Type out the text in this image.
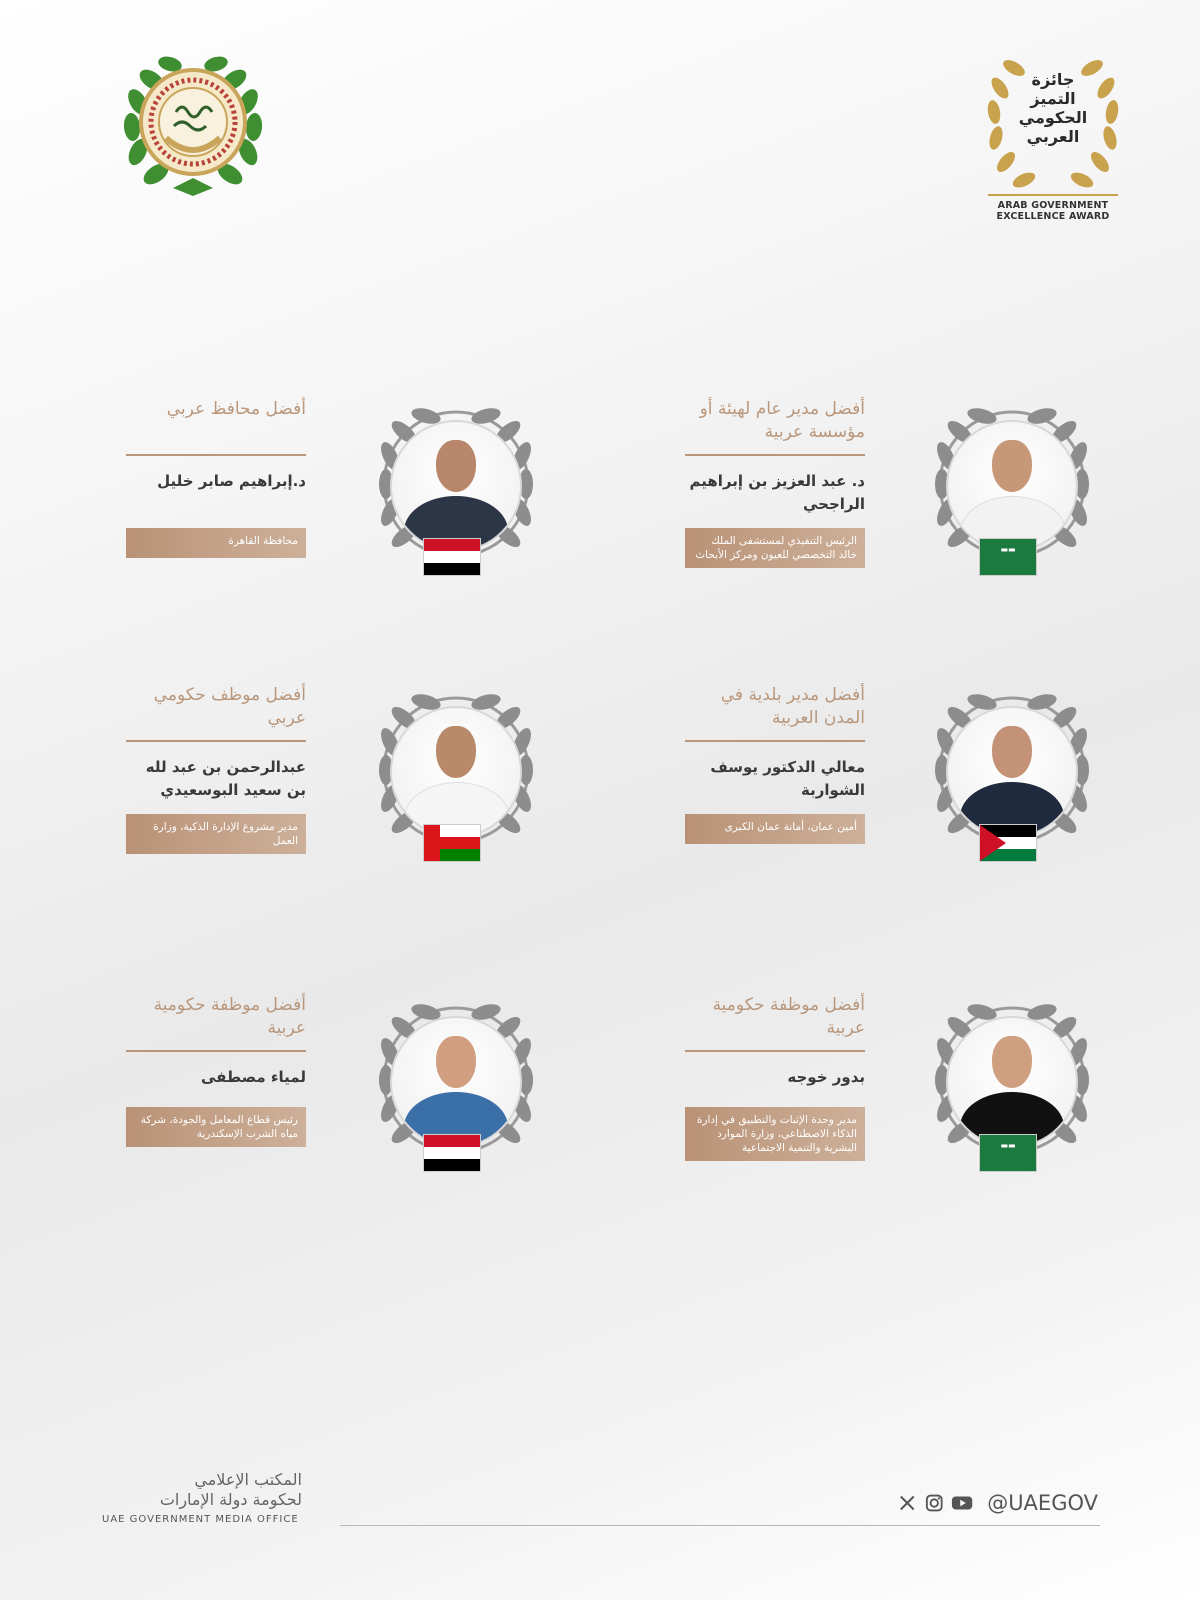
جائزة
التميز
الحكومي
العربي
ARAB GOVERNMENT EXCELLENCE AWARD
أفضل مدير عام لهيئة أو مؤسسة عربية
د. عبد العزيز بن إبراهيم الراجحي
الرئيس التنفيذي لمستشفى الملك خالد التخصصي للعيون ومركز الأبحاث	▬▬
أفضل محافظ عربي
د.إبراهيم صابر خليل
محافظة القاهرة
أفضل مدير بلدية في المدن العربية
معالي الدكتور يوسف الشواربة
أمين عمان، أمانة عمان الكبرى
أفضل موظف حكومي عربي
عبدالرحمن بن عبد لله بن سعيد البوسعيدي
مدير مشروع الإدارة الذكية، وزارة العمل
أفضل موظفة حكومية عربية
بدور خوجه
مدير وحدة الإثبات والتطبيق في إدارة الذكاء الاصطناعي، وزارة الموارد البشرية والتنمية الاجتماعية	▬▬
أفضل موظفة حكومية عربية
لمياء مصطفى
رئيس قطاع المعامل والجودة، شركة مياه الشرب الإسكندرية
المكتب الإعلامي
لحكومة دولة الإمارات
UAE GOVERNMENT MEDIA OFFICE
@UAEGOV
